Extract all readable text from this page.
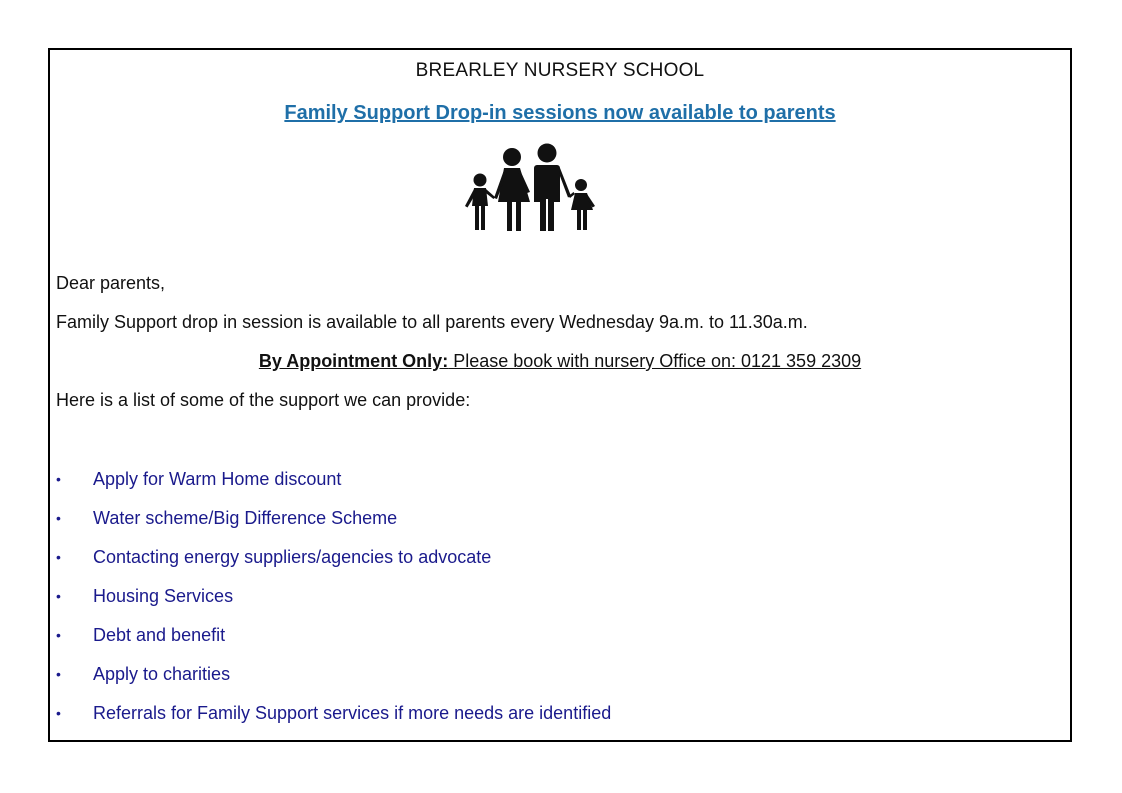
BREARLEY NURSERY SCHOOL
Family Support Drop-in sessions now available to parents
Dear parents,
Family Support drop in session is available to all parents every Wednesday 9a.m. to 11.30a.m.
By Appointment Only: Please book with nursery Office on: 0121 359 2309
Here is a list of some of the support we can provide:
• Apply for Warm Home discount
• Water scheme/Big Difference Scheme
• Contacting energy suppliers/agencies to advocate
• Housing Services
• Debt and benefit
• Apply to charities
• Referrals for Family Support services if more needs are identified
